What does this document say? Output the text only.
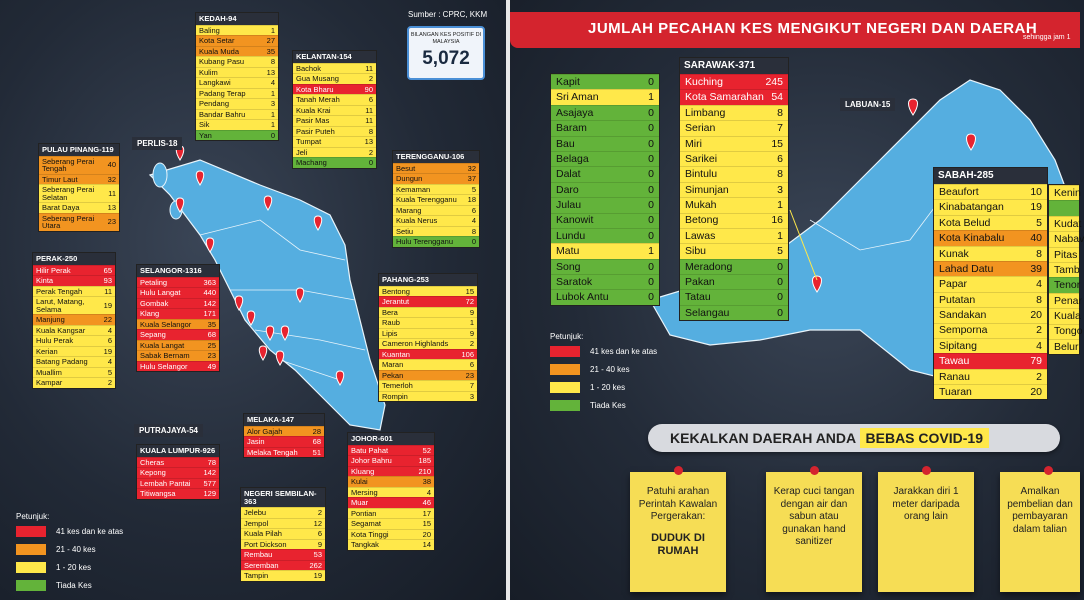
Sumber : CPRC, KKM
BILANGAN KES POSITIF DI MALAYSIA
5,072
PERLIS-18
PUTRAJAYA-54
KEDAH-94
Baling	1
Kota Setar	27
Kuala Muda	35
Kubang Pasu	8
Kulim	13
Langkawi	4
Padang Terap	1
Pendang	3
Bandar Bahru	1
Sik	1
Yan	0
KELANTAN-154
Bachok	11
Gua Musang	2
Kota Bharu	90
Tanah Merah	6
Kuala Krai	11
Pasir Mas	11
Pasir Puteh	8
Tumpat	13
Jeli	2
Machang	0
PULAU PINANG-119
Seberang Perai Tengah	40
Timur Laut	32
Seberang Perai Selatan	11
Barat Daya	13
Seberang Perai Utara	23
TERENGGANU-106
Besut	32
Dungun	37
Kemaman	5
Kuala Terengganu 18
Marang	6
Kuala Nerus	4
Setiu	8
Hulu Terengganu	0
PERAK-250
Hilir Perak	65
Kinta	93
Perak Tengah	11
Larut, Matang, Selama	19
Manjung	22
Kuala Kangsar	4
Hulu Perak	6
Kerian	19
Batang Padang	4
Muallim	5
Kampar	2
SELANGOR-1316
Petaling	363
Hulu Langat	440
Gombak	142
Klang	171
Kuala Selangor 35
Sepang	68
Kuala Langat	25
Sabak Bernam 23
Hulu Selangor	49
PAHANG-253
Bentong	15
Jerantut	72
Bera	9
Raub	1
Lipis	9
Cameron Highlands	2
Kuantan	106
Maran	6
Pekan	23
Temerloh	7
Rompin	3
KUALA LUMPUR-926
Cheras	78
Kepong	142
Lembah Pantai 577
Titiwangsa	129
MELAKA-147
Alor Gajah	28
Jasin	68
Melaka Tengah 51
JOHOR-601
Batu Pahat	52
Johor Bahru	185
Kluang	210
Kulai	38
Mersing	4
Muar	46
Pontian	17
Segamat	15
Kota Tinggi	20
Tangkak	14
NEGERI SEMBILAN-363
Jelebu	2
Jempol	12
Kuala Pilah	6
Port Dickson	9
Rembau	53
Seremban	262
Tampin	19
Petunjuk:
41 kes dan ke atas
21 - 40 kes
1 - 20 kes
Tiada Kes
JUMLAH PECAHAN KES MENGIKUT NEGERI DAN DAERAH
sehingga jam 1
LABUAN-15
Kapit	0
Sri Aman	1
Asajaya	0
Baram	0
Bau	0
Belaga	0
Dalat	0
Daro	0
Julau	0
Kanowit	0
Lundu	0
Matu	1
Song	0
Saratok	0
Lubok Antu	0
SARAWAK-371
Kuching	245
Kota Samarahan 54
Limbang	8
Serian	7
Miri	15
Sarikei	6
Bintulu	8
Simunjan	3
Mukah	1
Betong	16
Lawas	1
Sibu	5
Meradong	0
Pakan	0
Tatau	0
Selangau	0
SABAH-285
Beaufort	10
Kinabatangan	19
Kota Belud	5
Kota Kinabalu 40
Kunak	8
Lahad Datu	39
Papar	4
Putatan	8
Sandakan	20
Semporna	2
Sipitang	4
Tawau	79
Ranau	2
Tuaran	20
Kenin
Kudat
Nabav
Pitas
Tamb
Tenor
Penar
Kuala
Tongo
Belur
Petunjuk:
41 kes dan ke atas
21 - 40 kes
1 - 20 kes
Tiada Kes
KEKALKAN DAERAH ANDA BEBAS COVID-19
Patuhi arahan Perintah Kawalan Pergerakan:
DUDUK DI RUMAH
Kerap cuci tangan dengan air dan sabun atau gunakan hand sanitizer
Jarakkan diri 1 meter daripada orang lain
Amalkan pembelian dan pembayaran dalam talian
